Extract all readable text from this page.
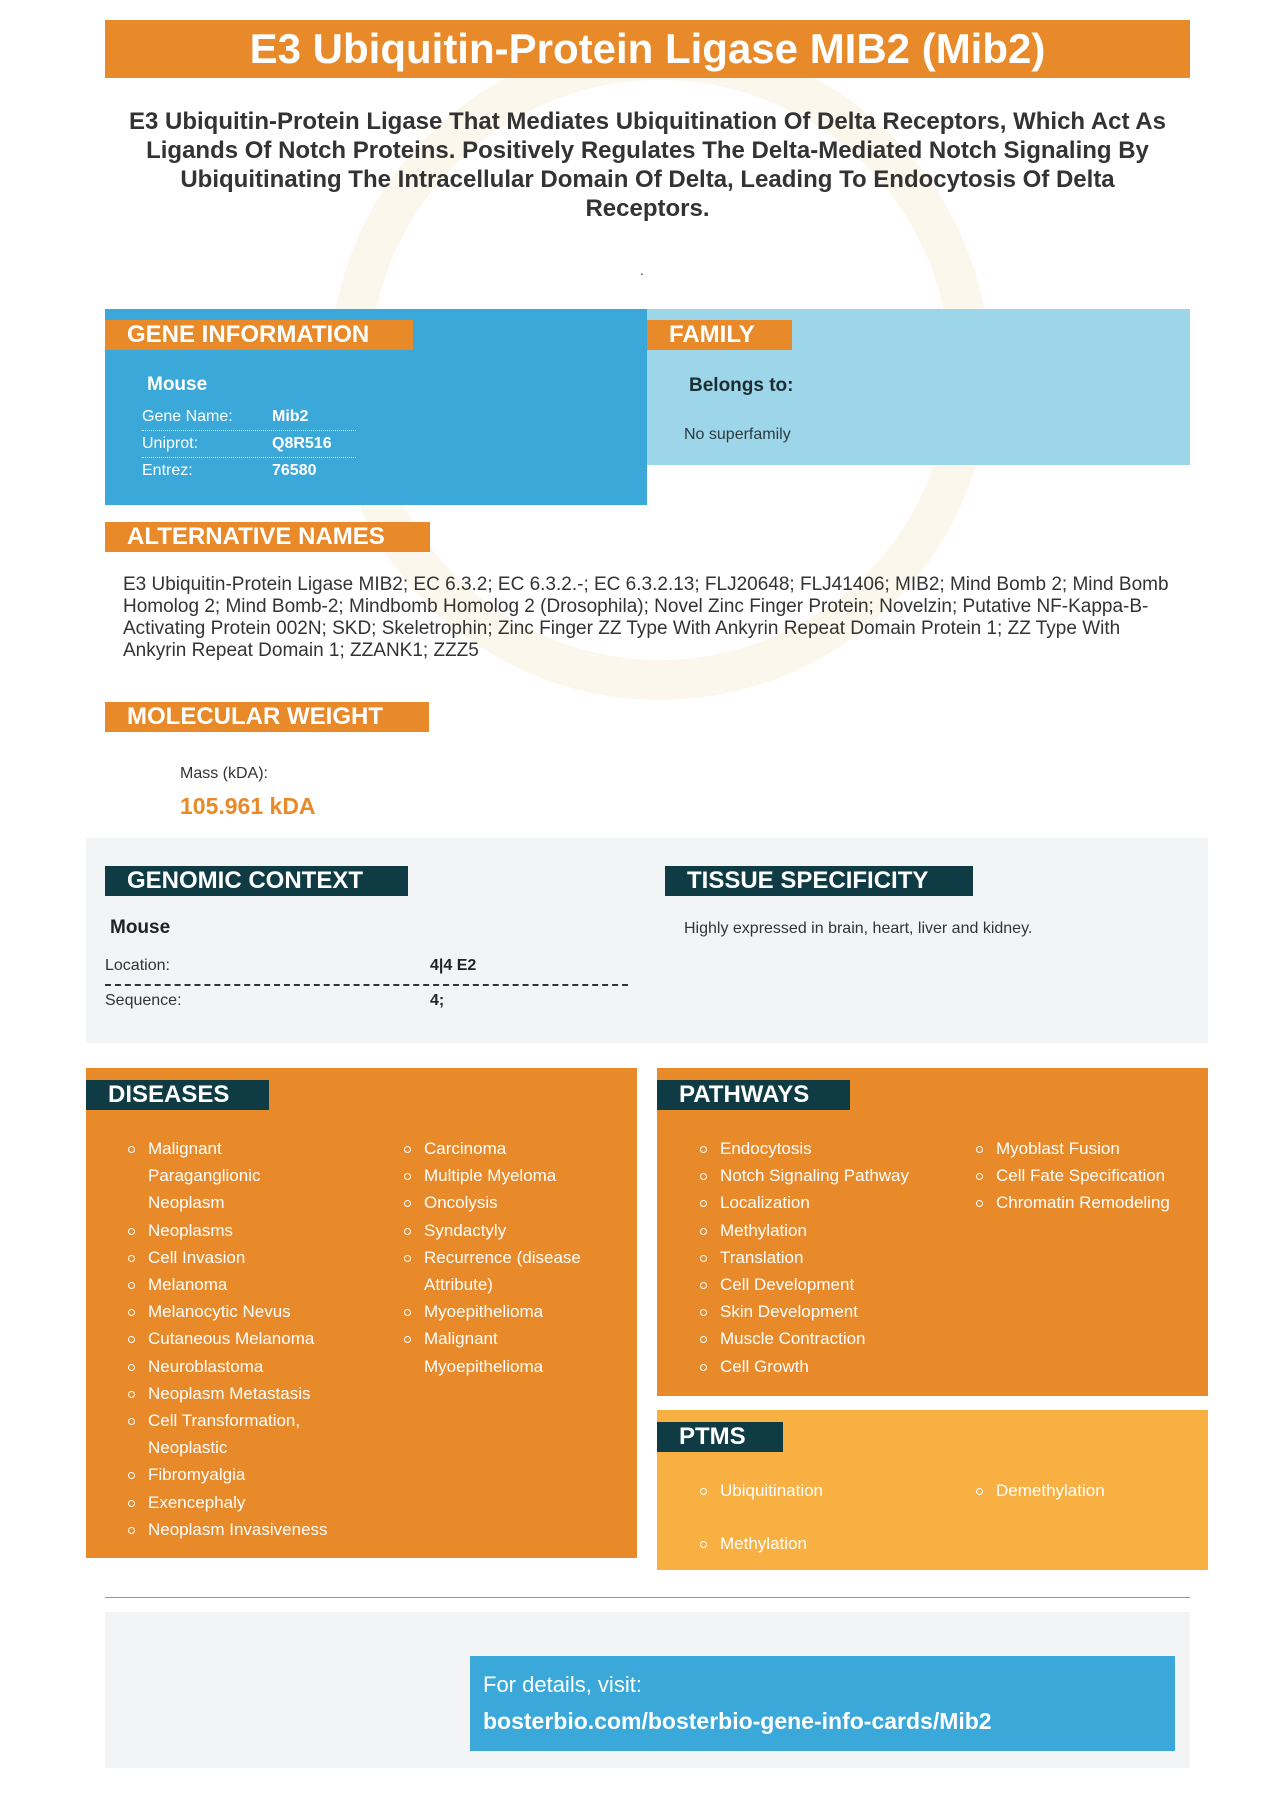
E3 Ubiquitin-Protein Ligase MIB2 (Mib2)
E3 Ubiquitin-Protein Ligase That Mediates Ubiquitination Of Delta Receptors, Which Act As Ligands Of Notch Proteins. Positively Regulates The Delta-Mediated Notch Signaling By Ubiquitinating The Intracellular Domain Of Delta, Leading To Endocytosis Of Delta Receptors.
.
GENE INFORMATION
Mouse
Gene Name: Mib2
Uniprot:	Q8R516
Entrez:	76580
FAMILY
Belongs to:
No superfamily
ALTERNATIVE NAMES
E3 Ubiquitin-Protein Ligase MIB2; EC 6.3.2; EC 6.3.2.-; EC 6.3.2.13; FLJ20648; FLJ41406; MIB2; Mind Bomb 2; Mind Bomb Homolog 2; Mind Bomb-2; Mindbomb Homolog 2 (Drosophila); Novel Zinc Finger Protein; Novelzin; Putative NF-Kappa-B-Activating Protein 002N; SKD; Skeletrophin; Zinc Finger ZZ Type With Ankyrin Repeat Domain Protein 1; ZZ Type With Ankyrin Repeat Domain 1; ZZANK1; ZZZ5
MOLECULAR WEIGHT
Mass (kDA):
105.961 kDA
GENOMIC CONTEXT
Mouse
Location:	4|4 E2
Sequence:	4;
TISSUE SPECIFICITY
Highly expressed in brain, heart, liver and kidney.
DISEASES
Malignant Paraganglionic Neoplasm
Neoplasms
Cell Invasion
Melanoma
Melanocytic Nevus
Cutaneous Melanoma
Neuroblastoma
Neoplasm Metastasis
Cell Transformation, Neoplastic
Fibromyalgia
Exencephaly
Neoplasm Invasiveness
Carcinoma
Multiple Myeloma
Oncolysis
Syndactyly
Recurrence (disease Attribute)
Myoepithelioma
Malignant Myoepithelioma
PATHWAYS
Endocytosis
Notch Signaling Pathway
Localization
Methylation
Translation
Cell Development
Skin Development
Muscle Contraction
Cell Growth
Myoblast Fusion
Cell Fate Specification
Chromatin Remodeling
PTMS
Ubiquitination	Demethylation
Methylation
For details, visit:
bosterbio.com/bosterbio-gene-info-cards/Mib2
